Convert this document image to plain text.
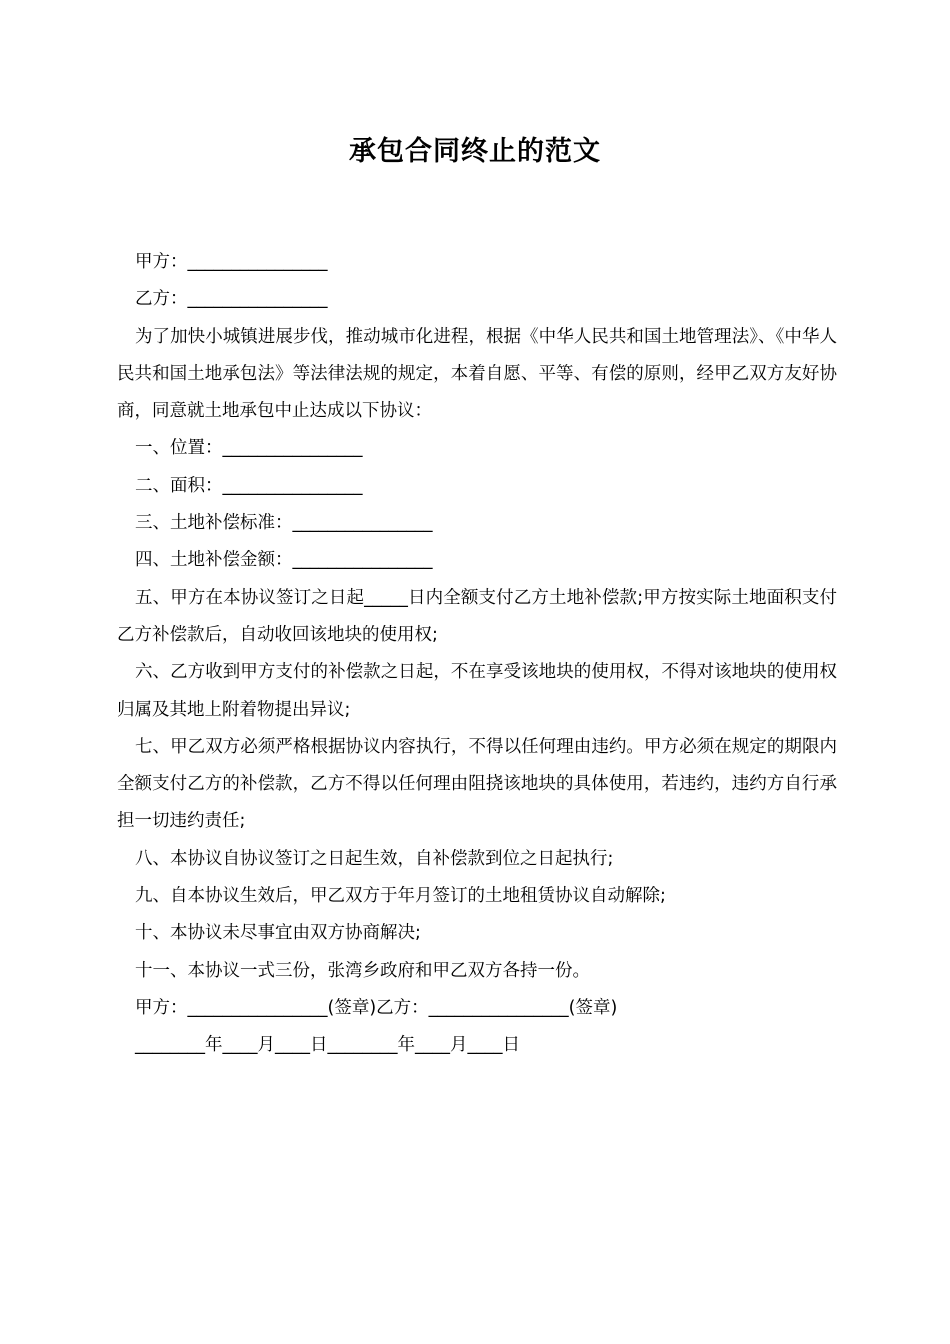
承包合同终止的范文

甲方：________________

乙方：________________

为了加快小城镇进展步伐，推动城市化进程，根据《中华人民共和国土地管理法》、《中华人民共和国土地承包法》等法律法规的规定，本着自愿、平等、有偿的原则，经甲乙双方友好协商，同意就土地承包中止达成以下协议：

一、位置：________________

二、面积：________________

三、土地补偿标准：________________

四、土地补偿金额：________________

五、甲方在本协议签订之日起_____日内全额支付乙方土地补偿款;甲方按实际土地面积支付乙方补偿款后，自动收回该地块的使用权;

六、乙方收到甲方支付的补偿款之日起，不在享受该地块的使用权，不得对该地块的使用权归属及其地上附着物提出异议;

七、甲乙双方必须严格根据协议内容执行，不得以任何理由违约。甲方必须在规定的期限内全额支付乙方的补偿款，乙方不得以任何理由阻挠该地块的具体使用，若违约，违约方自行承担一切违约责任;

八、本协议自协议签订之日起生效，自补偿款到位之日起执行;

九、自本协议生效后，甲乙双方于年月签订的土地租赁协议自动解除;

十、本协议未尽事宜由双方协商解决;

十一、本协议一式三份，张湾乡政府和甲乙双方各持一份。

甲方：________________(签章)乙方：________________(签章)

________年____月____日________年____月____日
